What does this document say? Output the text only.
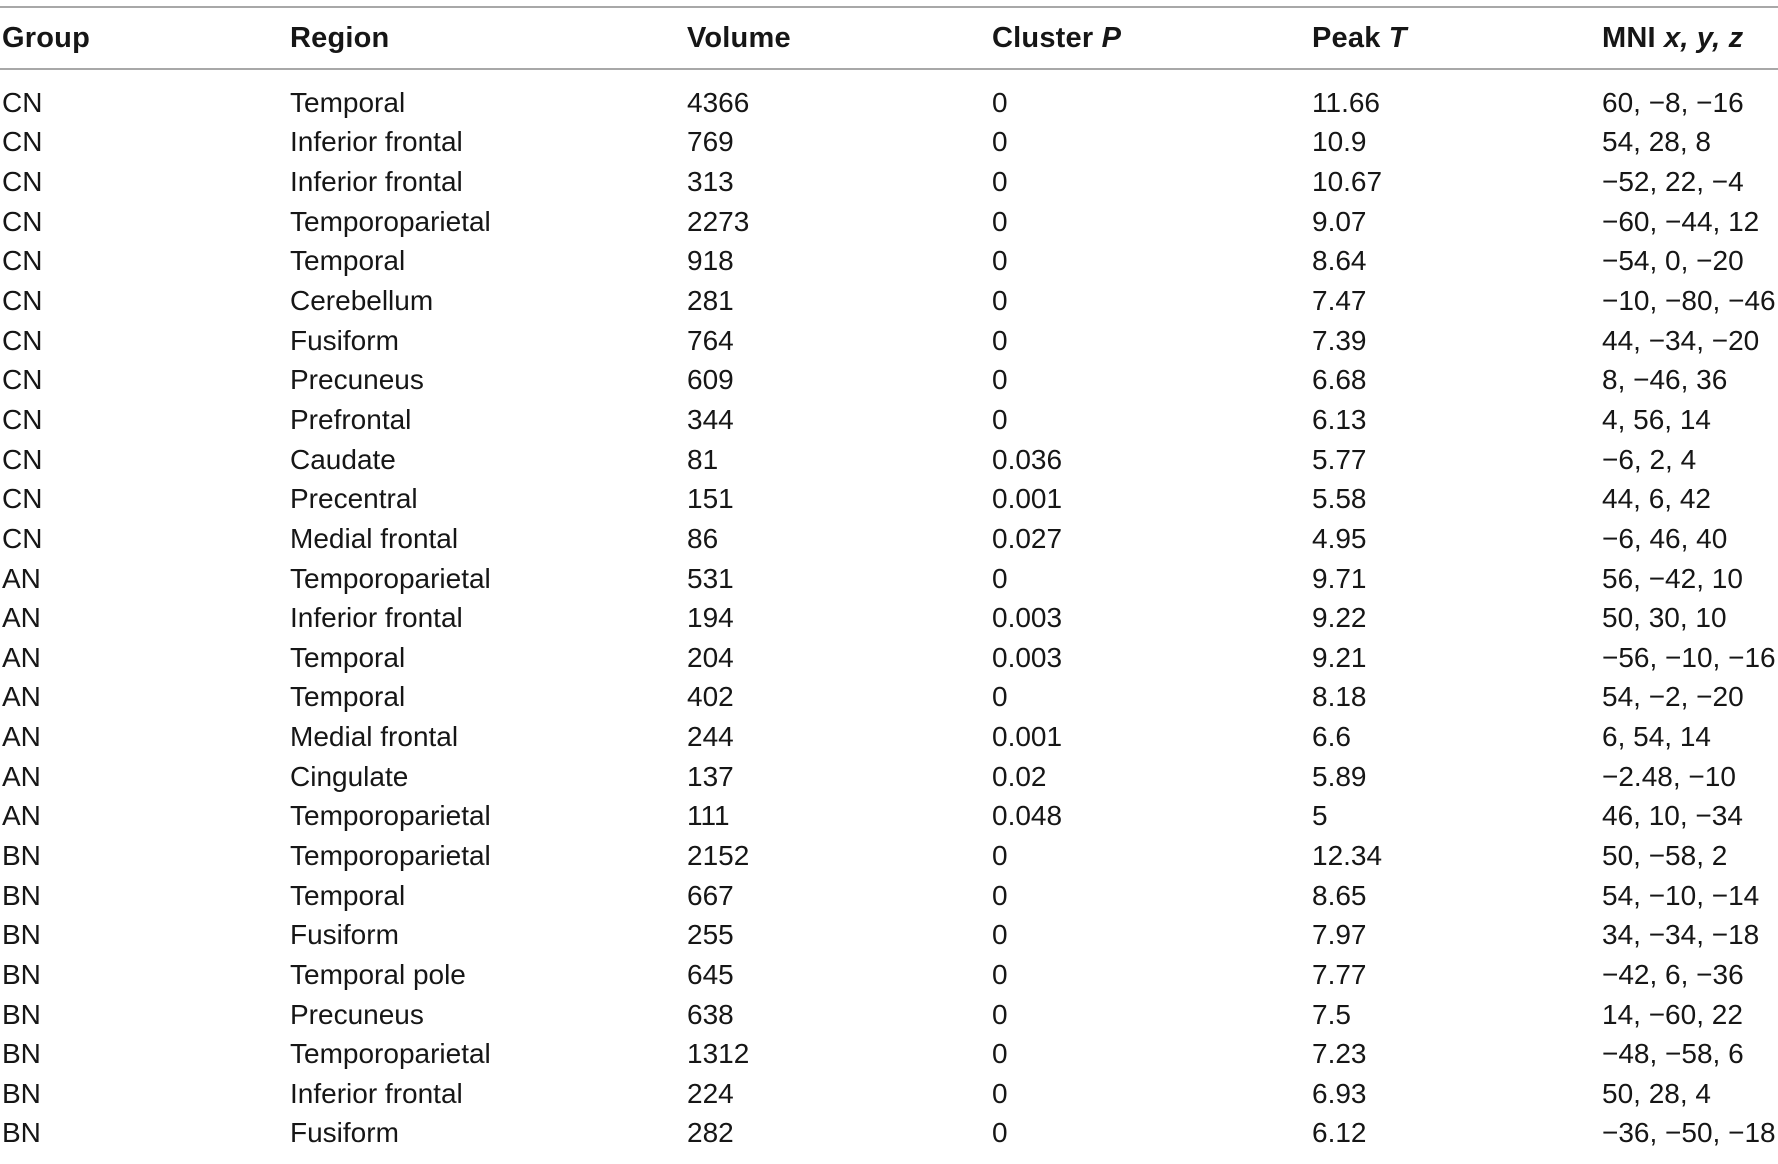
Group	Region	Volume	Cluster P	Peak T	MNI x, y, z
CN	Temporal	4366	0	11.66	60, −8, −16
CN	Inferior frontal	769	0	10.9	54, 28, 8
CN	Inferior frontal	313	0	10.67	−52, 22, −4
CN	Temporoparietal	2273	0	9.07	−60, −44, 12
CN	Temporal	918	0	8.64	−54, 0, −20
CN	Cerebellum	281	0	7.47	−10, −80, −46
CN	Fusiform	764	0	7.39	44, −34, −20
CN	Precuneus	609	0	6.68	8, −46, 36
CN	Prefrontal	344	0	6.13	4, 56, 14
CN	Caudate	81	0.036	5.77	−6, 2, 4
CN	Precentral	151	0.001	5.58	44, 6, 42
CN	Medial frontal	86	0.027	4.95	−6, 46, 40
AN	Temporoparietal	531	0	9.71	56, −42, 10
AN	Inferior frontal	194	0.003	9.22	50, 30, 10
AN	Temporal	204	0.003	9.21	−56, −10, −16
AN	Temporal	402	0	8.18	54, −2, −20
AN	Medial frontal	244	0.001	6.6	6, 54, 14
AN	Cingulate	137	0.02	5.89	−2.48, −10
AN	Temporoparietal	111	0.048	5	46, 10, −34
BN	Temporoparietal	2152	0	12.34	50, −58, 2
BN	Temporal	667	0	8.65	54, −10, −14
BN	Fusiform	255	0	7.97	34, −34, −18
BN	Temporal pole	645	0	7.77	−42, 6, −36
BN	Precuneus	638	0	7.5	14, −60, 22
BN	Temporoparietal	1312	0	7.23	−48, −58, 6
BN	Inferior frontal	224	0	6.93	50, 28, 4
BN	Fusiform	282	0	6.12	−36, −50, −18
